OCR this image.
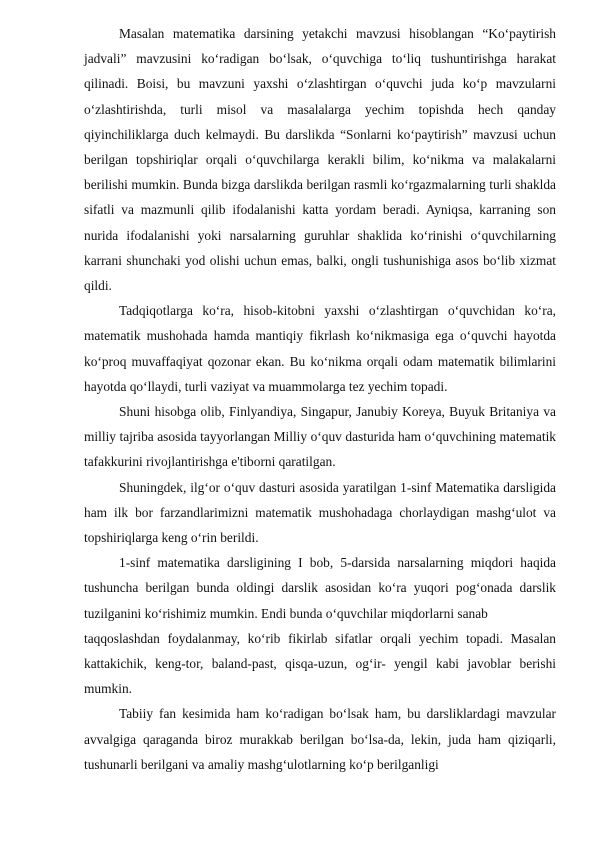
Masalan matematika darsining yetakchi mavzusi hisoblangan “Ko‘paytirish jadvali” mavzusini ko‘radigan bo‘lsak, o‘quvchiga to‘liq tushuntirishga harakat qilinadi. Boisi, bu mavzuni yaxshi o‘zlashtirgan o‘quvchi juda ko‘p mavzularni o‘zlashtirishda, turli misol va masalalarga yechim topishda hech qanday qiyinchiliklarga duch kelmaydi. Bu darslikda “Sonlarni ko‘paytirish” mavzusi uchun berilgan topshiriqlar orqali o‘quvchilarga kerakli bilim, ko‘nikma va malakalarni berilishi mumkin. Bunda bizga darslikda berilgan rasmli ko‘rgazmalarning turli shaklda sifatli va mazmunli qilib ifodalanishi katta yordam beradi. Ayniqsa, karraning son nurida ifodalanishi yoki narsalarning guruhlar shaklida ko‘rinishi o‘quvchilarning karrani shunchaki yod olishi uchun emas, balki, ongli tushunishiga asos bo‘lib xizmat qildi.

Tadqiqotlarga ko‘ra, hisob-kitobni yaxshi o‘zlashtirgan o‘quvchidan ko‘ra, matematik mushohada hamda mantiqiy fikrlash ko‘nikmasiga ega o‘quvchi hayotda ko‘proq muvaffaqiyat qozonar ekan. Bu ko‘nikma orqali odam matematik bilimlarini hayotda qo‘llaydi, turli vaziyat va muammolarga tez yechim topadi.

Shuni hisobga olib, Finlyandiya, Singapur, Janubiy Koreya, Buyuk Britaniya va milliy tajriba asosida tayyorlangan Milliy o‘quv dasturida ham o‘quvchining matematik tafakkurini rivojlantirishga e'tiborni qaratilgan.

Shuningdek, ilg‘or o‘quv dasturi asosida yaratilgan 1-sinf Matematika darsligida ham ilk bor farzandlarimizni matematik mushohadaga chorlaydigan mashg‘ulot va topshiriqlarga keng o‘rin berildi.

1-sinf matematika darsligining I bob, 5-darsida narsalarning miqdori haqida tushuncha berilgan bunda oldingi darslik asosidan ko‘ra yuqori pog‘onada darslik tuzilganini ko‘rishimiz mumkin. Endi bunda o‘quvchilar miqdorlarni sanab

taqqoslashdan foydalanmay, ko‘rib fikirlab sifatlar orqali yechim topadi. Masalan kattakichik, keng-tor, baland-past, qisqa-uzun, og‘ir- yengil kabi javoblar berishi mumkin.

Tabiiy fan kesimida ham ko‘radigan bo‘lsak ham, bu darsliklardagi mavzular avvalgiga qaraganda biroz murakkab berilgan bo‘lsa-da, lekin, juda ham qiziqarli, tushunarli berilgani va amaliy mashg‘ulotlarning ko‘p berilganligi
